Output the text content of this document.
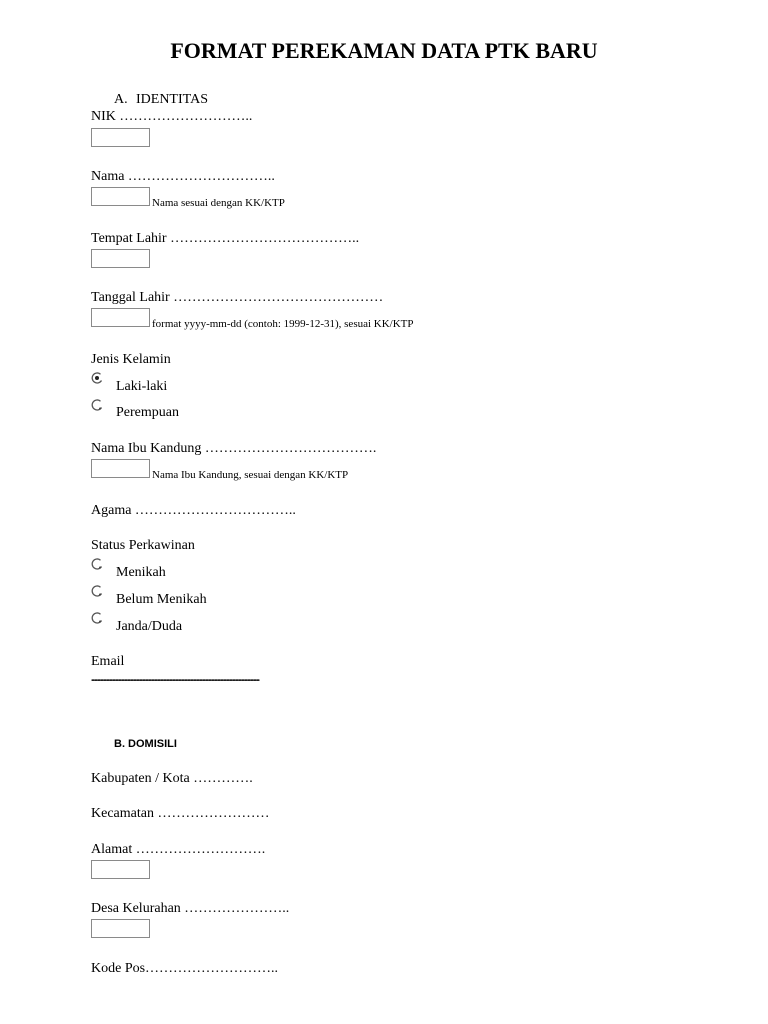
FORMAT PEREKAMAN DATA PTK BARU
A. IDENTITAS
NIK ………………………..
Nama …………………………..
Nama sesuai dengan KK/KTP
Tempat Lahir …………………………………..
Tanggal Lahir ………………………………………
format yyyy-mm-dd (contoh: 1999-12-31), sesuai KK/KTP
Jenis Kelamin
Laki-laki
Perempuan
Nama Ibu Kandung ……………………………….
Nama Ibu Kandung, sesuai dengan KK/KTP
Agama ……………………………..
Status Perkawinan
Menikah
Belum Menikah
Janda/Duda
Email
................................................................................................................
B. DOMISILI
Kabupaten / Kota ………….
Kecamatan ……………………
Alamat ……………………….
Desa Kelurahan …………………..
Kode Pos………………………..
